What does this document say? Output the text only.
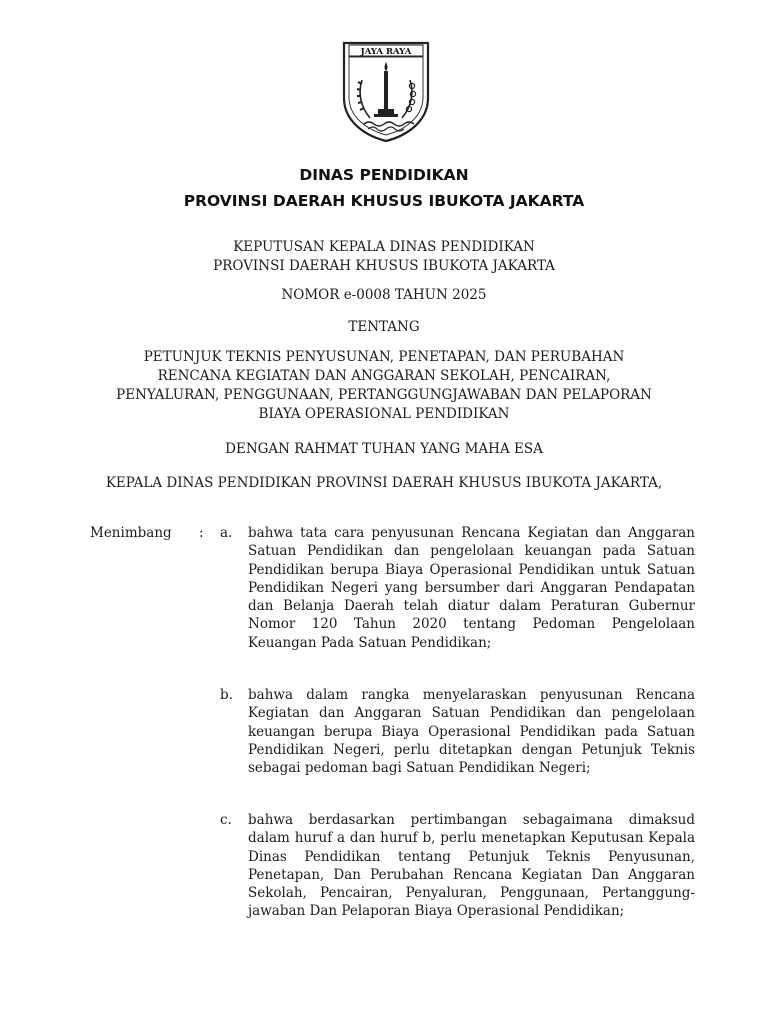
JAYA RAYA
DINAS PENDIDIKAN
PROVINSI DAERAH KHUSUS IBUKOTA JAKARTA
KEPUTUSAN KEPALA DINAS PENDIDIKAN
PROVINSI DAERAH KHUSUS IBUKOTA JAKARTA
NOMOR e-0008 TAHUN 2025
TENTANG
PETUNJUK TEKNIS PENYUSUNAN, PENETAPAN, DAN PERUBAHAN
RENCANA KEGIATAN DAN ANGGARAN SEKOLAH, PENCAIRAN,
PENYALURAN, PENGGUNAAN, PERTANGGUNGJAWABAN DAN PELAPORAN
BIAYA OPERASIONAL PENDIDIKAN
DENGAN RAHMAT TUHAN YANG MAHA ESA
KEPALA DINAS PENDIDIKAN PROVINSI DAERAH KHUSUS IBUKOTA JAKARTA,
Menimbang : a.	bahwa tata cara penyusunan Rencana Kegiatan dan Anggaran Satuan Pendidikan dan pengelolaan keuangan pada Satuan Pendidikan berupa Biaya Operasional Pendidikan untuk Satuan Pendidikan Negeri yang bersumber dari Anggaran Pendapatan dan Belanja Daerah telah diatur dalam Peraturan Gubernur Nomor 120 Tahun 2020 tentang Pedoman Pengelolaan Keuangan Pada Satuan Pendidikan;
b.	bahwa dalam rangka menyelaraskan penyusunan Rencana Kegiatan dan Anggaran Satuan Pendidikan dan pengelolaan keuangan berupa Biaya Operasional Pendidikan pada Satuan Pendidikan Negeri, perlu ditetapkan dengan Petunjuk Teknis sebagai pedoman bagi Satuan Pendidikan Negeri;
c.	bahwa berdasarkan pertimbangan sebagaimana dimaksud dalam huruf a dan huruf b, perlu menetapkan Keputusan Kepala Dinas Pendidikan tentang Petunjuk Teknis Penyusunan, Penetapan, Dan Perubahan Rencana Kegiatan Dan Anggaran Sekolah, Pencairan, Penyaluran, Penggunaan, Pertanggung-jawaban Dan Pelaporan Biaya Operasional Pendidikan;
